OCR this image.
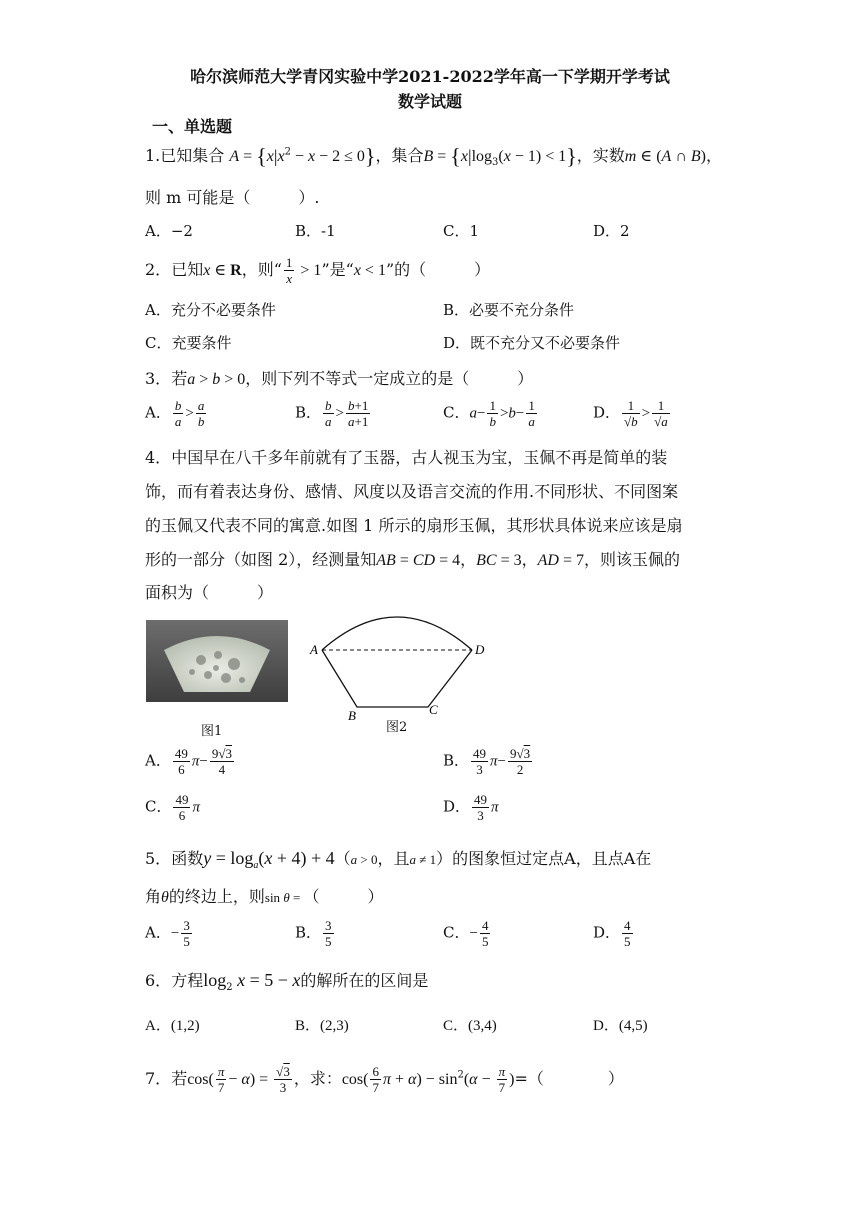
哈尔滨师范大学青冈实验中学2021-2022学年高一下学期开学考试
数学试题
一、单选题
1.已知集合 $A = \{x|x^2 - x - 2 \le 0\}$，集合$B = \{x|\log_3(x - 1) < 1\}$，实数m ∈ (A ∩ B)，
则 m 可能是（　　　）.
A．−2	B．-1	C．1	D．2
2．已知x ∈ R，则“ $\frac{1}{x} > 1$”是“x < 1”的（　　　）
A．充分不必要条件	B．必要不充分条件
C．充要条件	D．既不充分又不必要条件
3．若a > b > 0，则下列不等式一定成立的是（　　　）
A． $\frac{b}{a} > \frac{a}{b}$	B． $\frac{b}{a} > \frac{b+1}{a+1}$	C．$a- \frac{1}{b} >b- \frac{1}{a}$	D． $\frac{1}{√b} > \frac{1}{√a}$
4．中国早在八千多年前就有了玉器，古人视玉为宝，玉佩不再是简单的装
饰，而有着表达身份、感情、风度以及语言交流的作用.不同形状、不同图案
的玉佩又代表不同的寓意.如图 1 所示的扇形玉佩，其形状具体说来应该是扇
形的一部分（如图 2），经测量知AB = CD = 4，BC = 3，AD = 7，则该玉佩的
面积为（　　　）
图1
A	D
B	C
图2
A． $\frac{49}{6} \pi- \frac{9√3}{4}$	B． $\frac{49}{3} \pi- \frac{9√3}{2}$
C． $\frac{49}{6}$ π	D． $\frac{49}{3}$ π
5．函数$y = \log_a(x + 4) + 4(a > 0$，且a ≠ 1）的图象恒过定点A，且点A在
角θ的终边上，则sin θ = （　　　）
A．− $\frac{3}{5}$	B． $\frac{3}{5}$	C．− $\frac{4}{5}$	D． $\frac{4}{5}$
6．方程$\log_2 x = 5 - x$的解所在的区间是
A．(1,2)	B．(2,3)	C．(3,4)	D．(4,5)
7．若$\cos( \frac{\pi}{7} - \alpha) = \frac{√3}{3}$ ，求：$\cos( \frac{6}{7}$ $\pi + \alpha) - \sin^2(\alpha - \frac{\pi}{7}$ )=（　　　　）
